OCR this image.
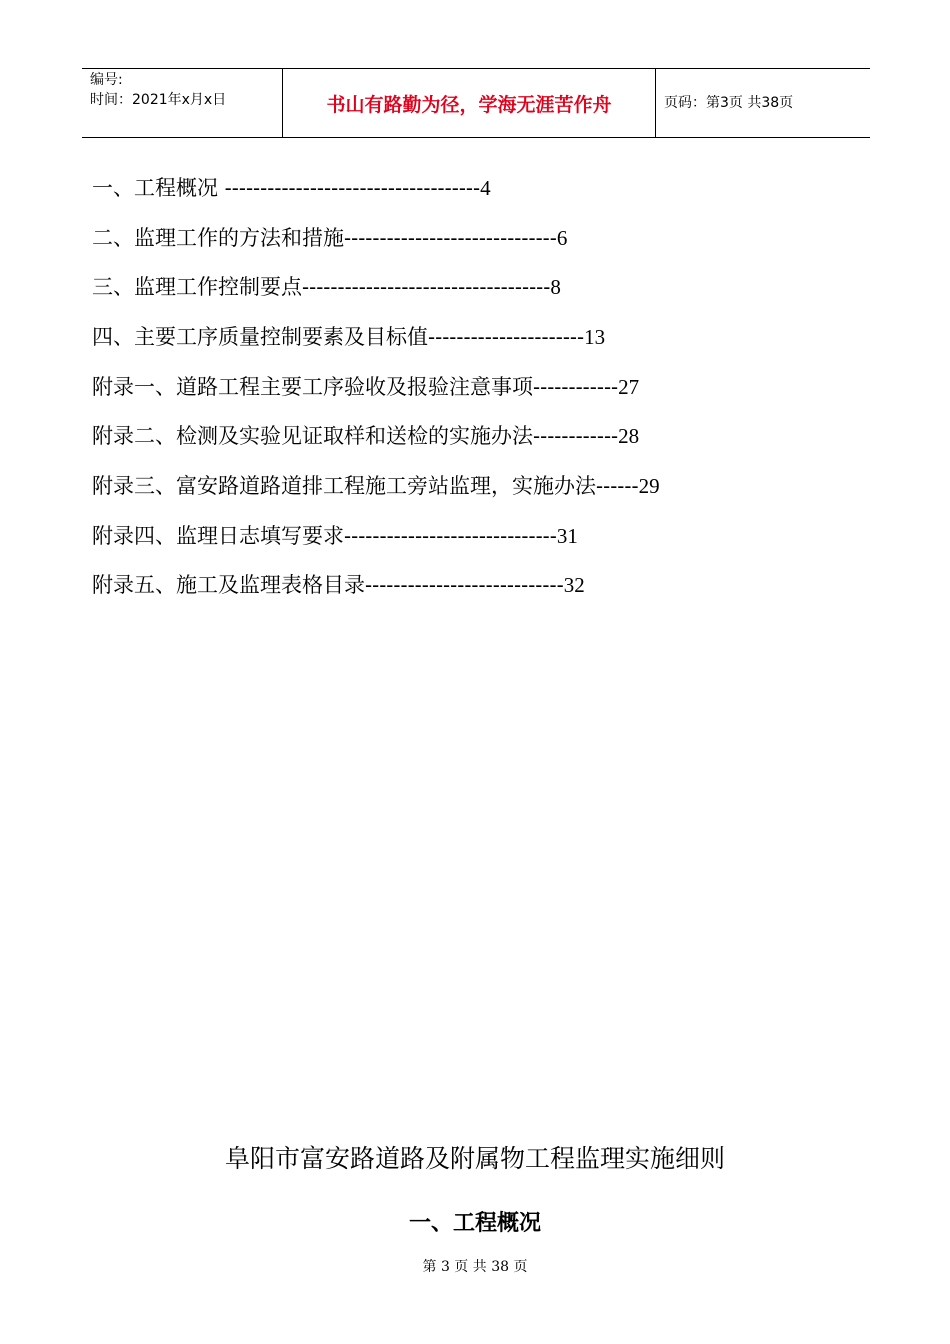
编号:
时间：2021年x月x日	书山有路勤为径，学海无涯苦作舟	页码：第3页 共38页
一、工程概况 ------------------------------------4
二、监理工作的方法和措施------------------------------6
三、监理工作控制要点-----------------------------------8
四、主要工序质量控制要素及目标值----------------------13
附录一、道路工程主要工序验收及报验注意事项------------27
附录二、检测及实验见证取样和送检的实施办法------------28
附录三、富安路道路道排工程施工旁站监理，实施办法------29
附录四、监理日志填写要求------------------------------31
附录五、施工及监理表格目录----------------------------32
阜阳市富安路道路及附属物工程监理实施细则
一、工程概况
第 3 页 共 38 页
